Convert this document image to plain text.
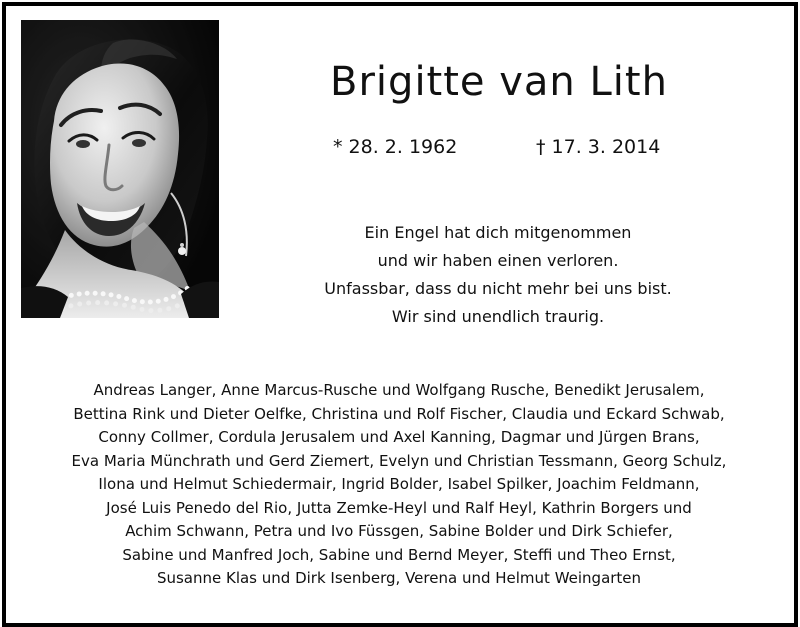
Brigitte van Lith
* 28. 2. 1962	† 17. 3. 2014
Ein Engel hat dich mitgenommen
und wir haben einen verloren.
Unfassbar, dass du nicht mehr bei uns bist.
Wir sind unendlich traurig.
Andreas Langer, Anne Marcus-Rusche und Wolfgang Rusche, Benedikt Jerusalem,
Bettina Rink und Dieter Oelfke, Christina und Rolf Fischer, Claudia und Eckard Schwab,
Conny Collmer, Cordula Jerusalem und Axel Kanning, Dagmar und Jürgen Brans,
Eva Maria Münchrath und Gerd Ziemert, Evelyn und Christian Tessmann, Georg Schulz,
Ilona und Helmut Schiedermair, Ingrid Bolder, Isabel Spilker, Joachim Feldmann,
José Luis Penedo del Rio, Jutta Zemke-Heyl und Ralf Heyl, Kathrin Borgers und
Achim Schwann, Petra und Ivo Füssgen, Sabine Bolder und Dirk Schiefer,
Sabine und Manfred Joch, Sabine und Bernd Meyer, Steffi und Theo Ernst,
Susanne Klas und Dirk Isenberg, Verena und Helmut Weingarten
